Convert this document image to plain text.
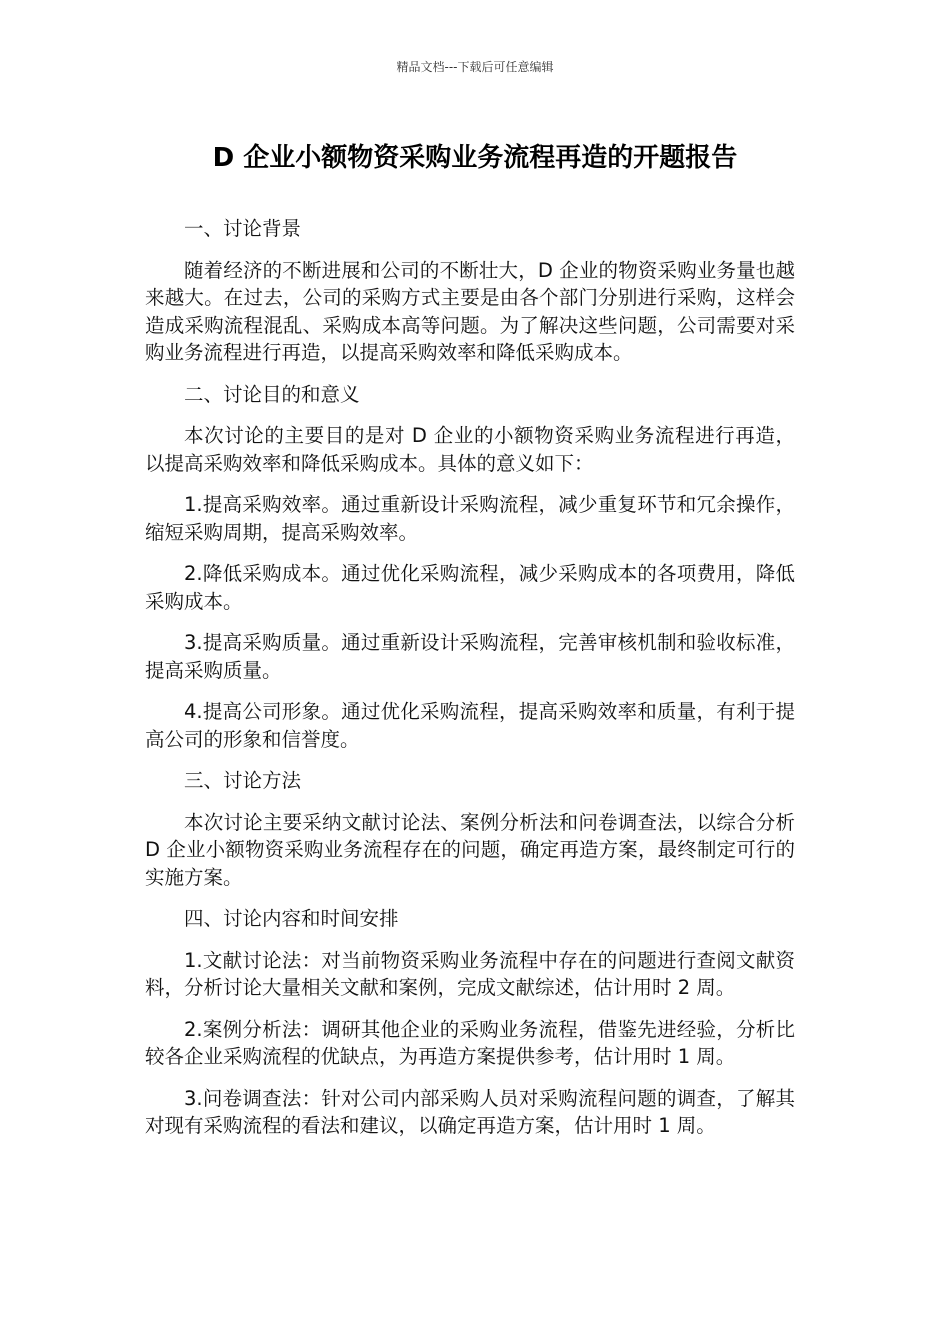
精品文档---下载后可任意编辑
D 企业小额物资采购业务流程再造的开题报告

一、讨论背景

随着经济的不断进展和公司的不断壮大，D 企业的物资采购业务量也越来越大。在过去，公司的采购方式主要是由各个部门分别进行采购，这样会造成采购流程混乱、采购成本高等问题。为了解决这些问题，公司需要对采购业务流程进行再造，以提高采购效率和降低采购成本。

二、讨论目的和意义

本次讨论的主要目的是对 D 企业的小额物资采购业务流程进行再造，以提高采购效率和降低采购成本。具体的意义如下：

1.提高采购效率。通过重新设计采购流程，减少重复环节和冗余操作，缩短采购周期，提高采购效率。

2.降低采购成本。通过优化采购流程，减少采购成本的各项费用，降低采购成本。

3.提高采购质量。通过重新设计采购流程，完善审核机制和验收标准，提高采购质量。

4.提高公司形象。通过优化采购流程，提高采购效率和质量，有利于提高公司的形象和信誉度。

三、讨论方法

本次讨论主要采纳文献讨论法、案例分析法和问卷调查法，以综合分析 D 企业小额物资采购业务流程存在的问题，确定再造方案，最终制定可行的实施方案。

四、讨论内容和时间安排

1.文献讨论法：对当前物资采购业务流程中存在的问题进行查阅文献资料，分析讨论大量相关文献和案例，完成文献综述，估计用时 2 周。

2.案例分析法：调研其他企业的采购业务流程，借鉴先进经验，分析比较各企业采购流程的优缺点，为再造方案提供参考，估计用时 1 周。

3.问卷调查法：针对公司内部采购人员对采购流程问题的调查，了解其对现有采购流程的看法和建议，以确定再造方案，估计用时 1 周。
